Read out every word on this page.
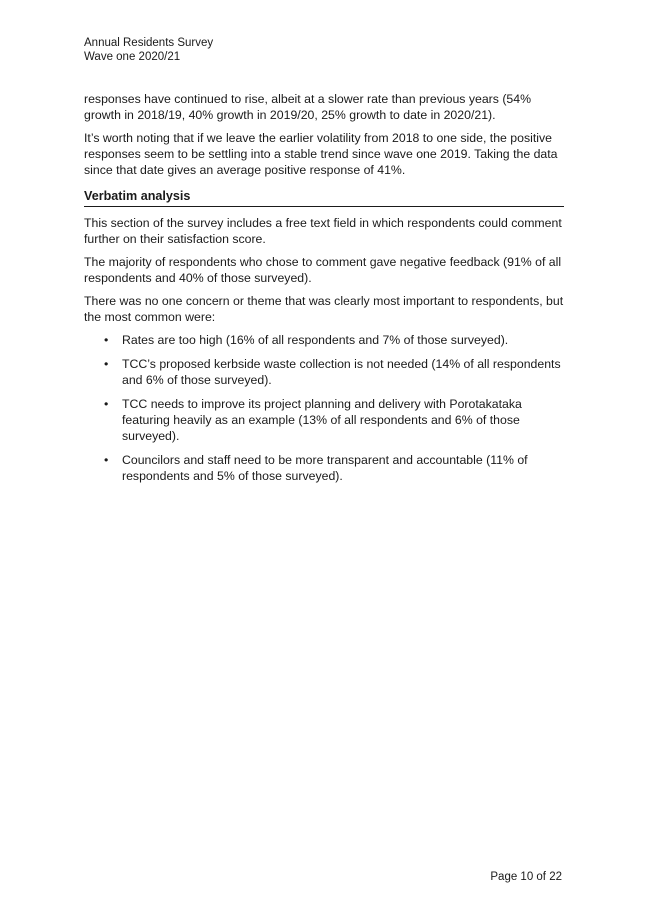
Annual Residents Survey
Wave one 2020/21

responses have continued to rise, albeit at a slower rate than previous years (54% growth in 2018/19, 40% growth in 2019/20, 25% growth to date in 2020/21).

It’s worth noting that if we leave the earlier volatility from 2018 to one side, the positive responses seem to be settling into a stable trend since wave one 2019. Taking the data since that date gives an average positive response of 41%.

Verbatim analysis

This section of the survey includes a free text field in which respondents could comment further on their satisfaction score.

The majority of respondents who chose to comment gave negative feedback (91% of all respondents and 40% of those surveyed).

There was no one concern or theme that was clearly most important to respondents, but the most common were:

• Rates are too high (16% of all respondents and 7% of those surveyed).
• TCC’s proposed kerbside waste collection is not needed (14% of all respondents and 6% of those surveyed).
• TCC needs to improve its project planning and delivery with Porotakataka featuring heavily as an example (13% of all respondents and 6% of those surveyed).
• Councilors and staff need to be more transparent and accountable (11% of respondents and 5% of those surveyed).
Page 10 of 22
